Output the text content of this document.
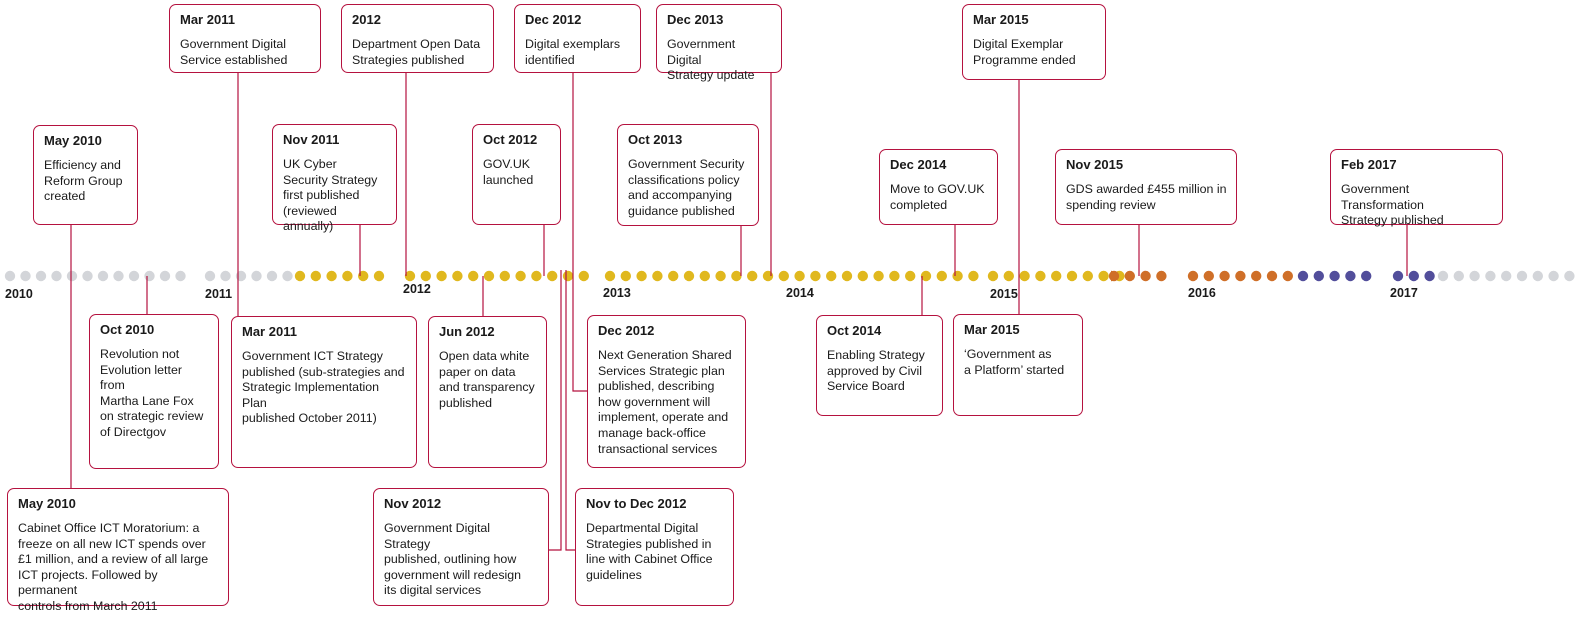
2010	2011	2012	2013	2014	2015	2016	2017
May 2010
Efficiency and
Reform Group
created
May 2010
Cabinet Office ICT Moratorium: a
freeze on all new ICT spends over
£1 million, and a review of all large
ICT projects. Followed by permanent
controls from March 2011
Oct 2010
Revolution not
Evolution letter from
Martha Lane Fox
on strategic review
of Directgov
Mar 2011
Government Digital
Service established
Mar 2011
Government ICT Strategy
published (sub-strategies and
Strategic Implementation Plan
published October 2011)
Nov 2011
UK Cyber
Security Strategy
first published
(reviewed annually)
2012
Department Open Data
Strategies published
Jun 2012
Open data white
paper on data
and transparency
published
Oct 2012
GOV.UK
launched
Dec 2012
Digital exemplars
identified
Nov 2012
Government Digital Strategy
published, outlining how
government will redesign
its digital services
Dec 2012
Next Generation Shared
Services Strategic plan
published, describing
how government will
implement, operate and
manage back-office
transactional services
Nov to Dec 2012
Departmental Digital
Strategies published in
line with Cabinet Office
guidelines
Oct 2013
Government Security
classifications policy
and accompanying
guidance published
Dec 2013
Government Digital
Strategy update
Oct 2014
Enabling Strategy
approved by Civil
Service Board
Dec 2014
Move to GOV.UK
completed
Mar 2015
Digital Exemplar
Programme ended
Mar 2015
‘Government as
a Platform’ started
Nov 2015
GDS awarded £455 million in
spending review
Feb 2017
Government Transformation
Strategy published
